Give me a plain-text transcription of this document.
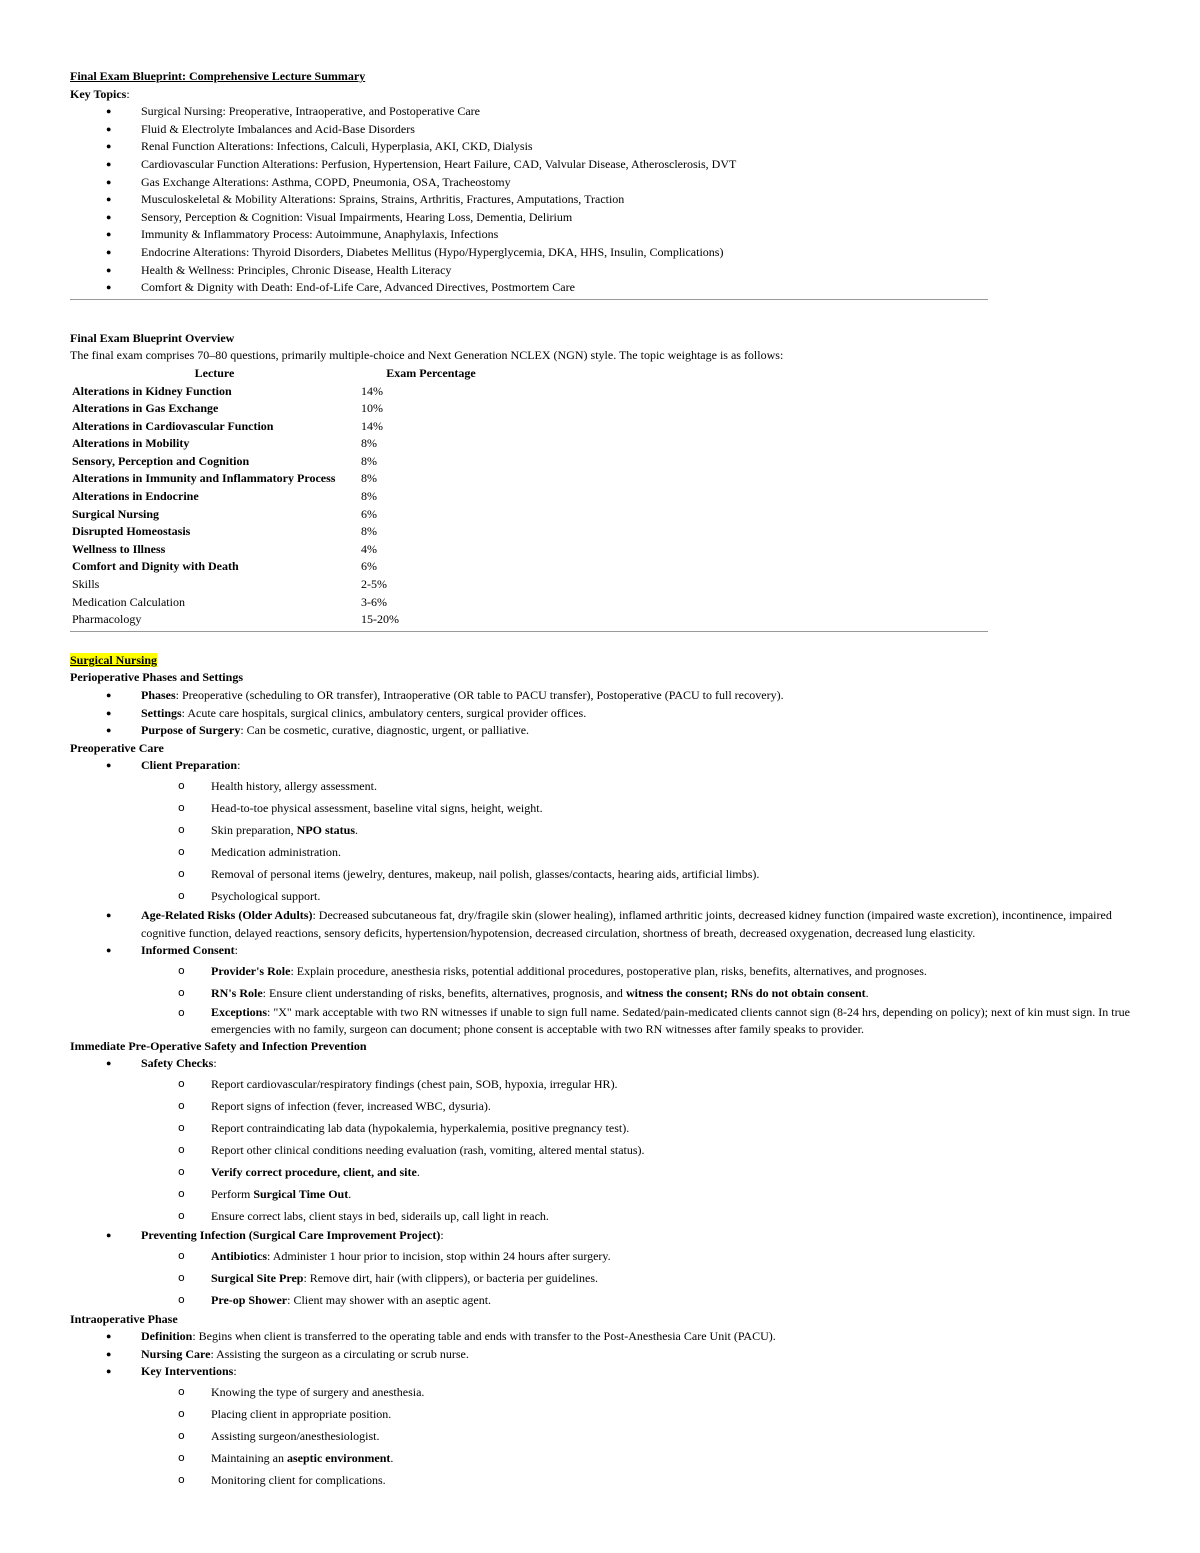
Final Exam Blueprint: Comprehensive Lecture Summary
Key Topics:
● Surgical Nursing: Preoperative, Intraoperative, and Postoperative Care
● Fluid & Electrolyte Imbalances and Acid-Base Disorders
● Renal Function Alterations: Infections, Calculi, Hyperplasia, AKI, CKD, Dialysis
● Cardiovascular Function Alterations: Perfusion, Hypertension, Heart Failure, CAD, Valvular Disease, Atherosclerosis, DVT
● Gas Exchange Alterations: Asthma, COPD, Pneumonia, OSA, Tracheostomy
● Musculoskeletal & Mobility Alterations: Sprains, Strains, Arthritis, Fractures, Amputations, Traction
● Sensory, Perception & Cognition: Visual Impairments, Hearing Loss, Dementia, Delirium
● Immunity & Inflammatory Process: Autoimmune, Anaphylaxis, Infections
● Endocrine Alterations: Thyroid Disorders, Diabetes Mellitus (Hypo/Hyperglycemia, DKA, HHS, Insulin, Complications)
● Health & Wellness: Principles, Chronic Disease, Health Literacy
● Comfort & Dignity with Death: End-of-Life Care, Advanced Directives, Postmortem Care
Final Exam Blueprint Overview
The final exam comprises 70–80 questions, primarily multiple-choice and Next Generation NCLEX (NGN) style. The topic weightage is as follows:
Lecture	Exam Percentage
Alterations in Kidney Function	14%
Alterations in Gas Exchange	10%
Alterations in Cardiovascular Function	14%
Alterations in Mobility	8%
Sensory, Perception and Cognition	8%
Alterations in Immunity and Inflammatory Process	8%
Alterations in Endocrine	8%
Surgical Nursing	6%
Disrupted Homeostasis	8%
Wellness to Illness	4%
Comfort and Dignity with Death	6%
Skills	2-5%
Medication Calculation	3-6%
Pharmacology	15-20%
Surgical Nursing
Perioperative Phases and Settings
● Phases: Preoperative (scheduling to OR transfer), Intraoperative (OR table to PACU transfer), Postoperative (PACU to full recovery).
● Settings: Acute care hospitals, surgical clinics, ambulatory centers, surgical provider offices.
● Purpose of Surgery: Can be cosmetic, curative, diagnostic, urgent, or palliative.
Preoperative Care
● Client Preparation:
o Health history, allergy assessment.
o Head-to-toe physical assessment, baseline vital signs, height, weight.
o Skin preparation, NPO status.
o Medication administration.
o Removal of personal items (jewelry, dentures, makeup, nail polish, glasses/contacts, hearing aids, artificial limbs).
o Psychological support.
● Age-Related Risks (Older Adults): Decreased subcutaneous fat, dry/fragile skin (slower healing), inflamed arthritic joints, decreased kidney function (impaired waste excretion), incontinence, impaired cognitive function, delayed reactions, sensory deficits, hypertension/hypotension, decreased circulation, shortness of breath, decreased oxygenation, decreased lung elasticity.
● Informed Consent:
o Provider's Role: Explain procedure, anesthesia risks, potential additional procedures, postoperative plan, risks, benefits, alternatives, and prognoses.
o RN's Role: Ensure client understanding of risks, benefits, alternatives, prognosis, and witness the consent; RNs do not obtain consent.
o Exceptions: "X" mark acceptable with two RN witnesses if unable to sign full name. Sedated/pain-medicated clients cannot sign (8-24 hrs, depending on policy); next of kin must sign. In true emergencies with no family, surgeon can document; phone consent is acceptable with two RN witnesses after family speaks to provider.
Immediate Pre-Operative Safety and Infection Prevention
● Safety Checks:
o Report cardiovascular/respiratory findings (chest pain, SOB, hypoxia, irregular HR).
o Report signs of infection (fever, increased WBC, dysuria).
o Report contraindicating lab data (hypokalemia, hyperkalemia, positive pregnancy test).
o Report other clinical conditions needing evaluation (rash, vomiting, altered mental status).
o Verify correct procedure, client, and site.
o Perform Surgical Time Out.
o Ensure correct labs, client stays in bed, siderails up, call light in reach.
● Preventing Infection (Surgical Care Improvement Project):
o Antibiotics: Administer 1 hour prior to incision, stop within 24 hours after surgery.
o Surgical Site Prep: Remove dirt, hair (with clippers), or bacteria per guidelines.
o Pre-op Shower: Client may shower with an aseptic agent.
Intraoperative Phase
● Definition: Begins when client is transferred to the operating table and ends with transfer to the Post-Anesthesia Care Unit (PACU).
● Nursing Care: Assisting the surgeon as a circulating or scrub nurse.
● Key Interventions:
o Knowing the type of surgery and anesthesia.
o Placing client in appropriate position.
o Assisting surgeon/anesthesiologist.
o Maintaining an aseptic environment.
o Monitoring client for complications.
